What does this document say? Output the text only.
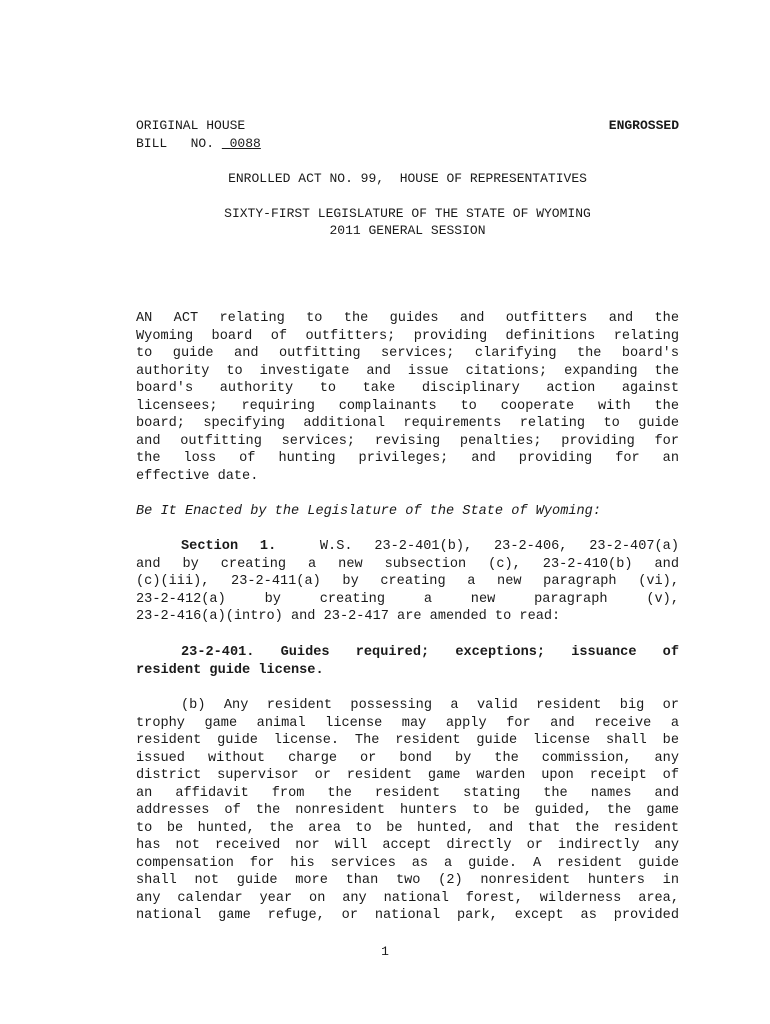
ORIGINAL HOUSE	ENGROSSED
BILL   NO. 0088
ENROLLED ACT NO. 99,  HOUSE OF REPRESENTATIVES
SIXTY-FIRST LEGISLATURE OF THE STATE OF WYOMING
2011 GENERAL SESSION
AN ACT relating to the guides and outfitters and the
Wyoming board of outfitters; providing definitions relating
to guide and outfitting services; clarifying the board's
authority to investigate and issue citations; expanding the
board's authority to take disciplinary action against
licensees; requiring complainants to cooperate with the
board; specifying additional requirements relating to guide
and outfitting services; revising penalties; providing for
the loss of hunting privileges; and providing for an
effective date.
Be It Enacted by the Legislature of the State of Wyoming:
Section 1.	W.S. 23-2-401(b), 23-2-406, 23-2-407(a)
and by creating a new subsection (c), 23-2-410(b) and
(c)(iii), 23-2-411(a) by creating a new paragraph (vi),
23-2-412(a) by creating a new paragraph (v),
23-2-416(a)(intro) and 23-2-417 are amended to read:
23-2-401. Guides required; exceptions; issuance of
resident guide license.
(b) Any resident possessing a valid resident big or
trophy game animal license may apply for and receive a
resident guide license. The resident guide license shall be
issued without charge or bond by the commission, any
district supervisor or resident game warden upon receipt of
an affidavit from the resident stating the names and
addresses of the nonresident hunters to be guided, the game
to be hunted, the area to be hunted, and that the resident
has not received nor will accept directly or indirectly any
compensation for his services as a guide. A resident guide
shall not guide more than two (2) nonresident hunters in
any calendar year on any national forest, wilderness area,
national game refuge, or national park, except as provided
1
